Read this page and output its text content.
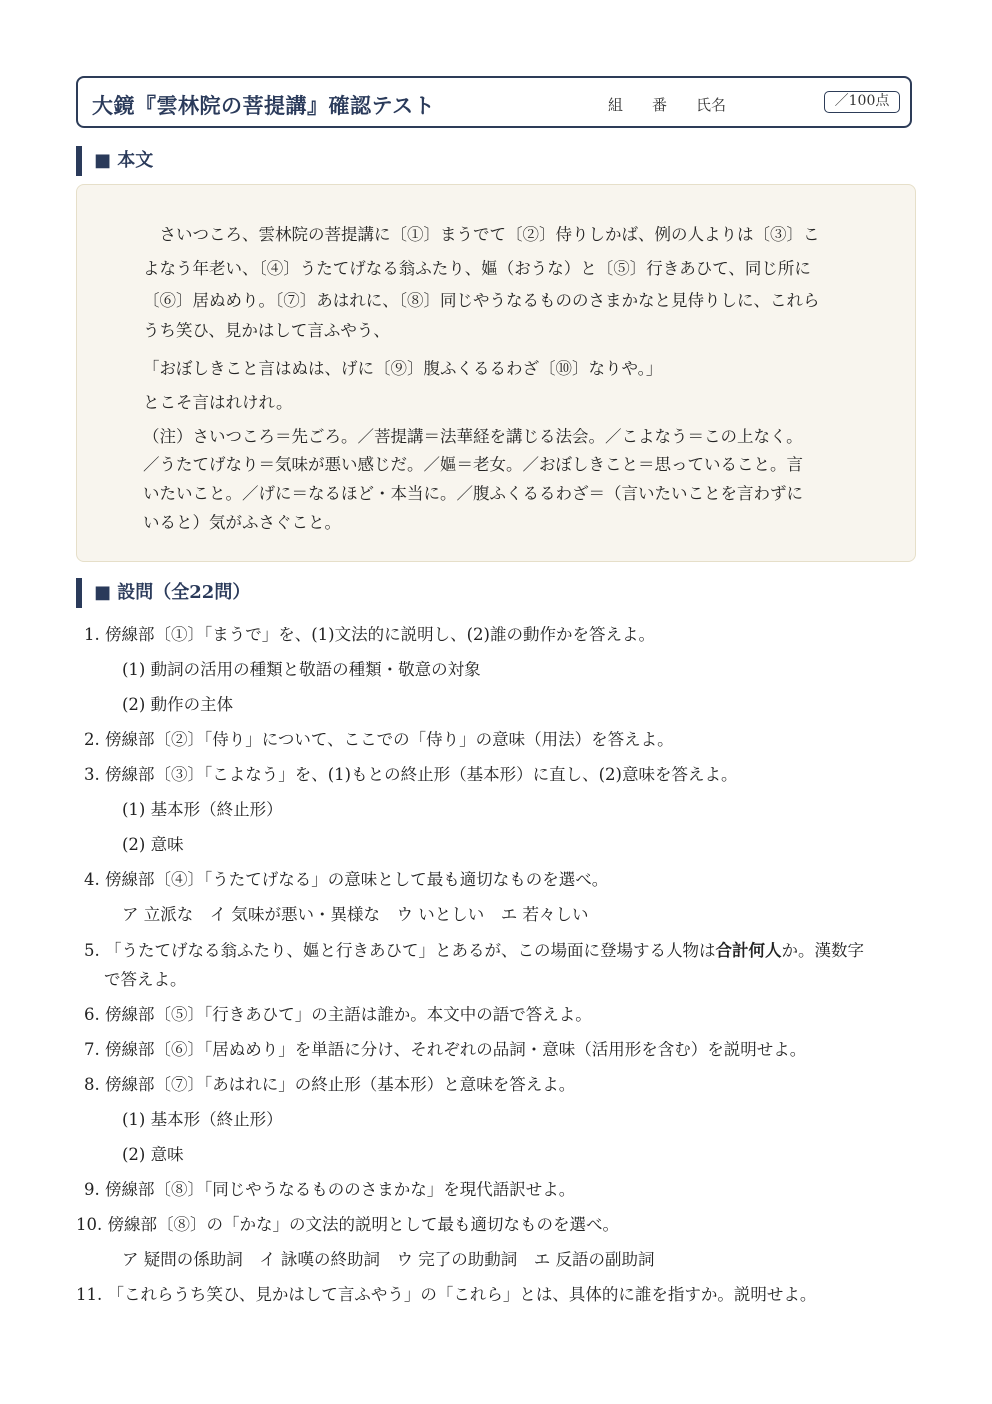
大鏡『雲林院の菩提講』確認テスト	組 番 氏名	／100点
■ 本文
　さいつころ、雲林院の菩提講に〔①〕まうでて〔②〕侍りしかば、例の人よりは〔③〕こ
よなう年老い、〔④〕うたてげなる翁ふたり、嫗（おうな）と〔⑤〕行きあひて、同じ所に
〔⑥〕居ぬめり。〔⑦〕あはれに、〔⑧〕同じやうなるもののさまかなと見侍りしに、これら
うち笑ひ、見かはして言ふやう、
「おぼしきこと言はぬは、げに〔⑨〕腹ふくるるわざ〔⑩〕なりや。」
とこそ言はれけれ。
（注）さいつころ＝先ごろ。／菩提講＝法華経を講じる法会。／こよなう＝この上なく。
／うたてげなり＝気味が悪い感じだ。／嫗＝老女。／おぼしきこと＝思っていること。言
いたいこと。／げに＝なるほど・本当に。／腹ふくるるわざ＝（言いたいことを言わずに
いると）気がふさぐこと。
■ 設問（全22問）
1. 傍線部〔①〕「まうで」を、(1)文法的に説明し、(2)誰の動作かを答えよ。
(1) 動詞の活用の種類と敬語の種類・敬意の対象
(2) 動作の主体
2. 傍線部〔②〕「侍り」について、ここでの「侍り」の意味（用法）を答えよ。
3. 傍線部〔③〕「こよなう」を、(1)もとの終止形（基本形）に直し、(2)意味を答えよ。
(1) 基本形（終止形）
(2) 意味
4. 傍線部〔④〕「うたてげなる」の意味として最も適切なものを選べ。
ア 立派な　イ 気味が悪い・異様な　ウ いとしい　エ 若々しい
5. 「うたてげなる翁ふたり、嫗と行きあひて」とあるが、この場面に登場する人物は合計何人か。漢数字
で答えよ。
6. 傍線部〔⑤〕「行きあひて」の主語は誰か。本文中の語で答えよ。
7. 傍線部〔⑥〕「居ぬめり」を単語に分け、それぞれの品詞・意味（活用形を含む）を説明せよ。
8. 傍線部〔⑦〕「あはれに」の終止形（基本形）と意味を答えよ。
(1) 基本形（終止形）
(2) 意味
9. 傍線部〔⑧〕「同じやうなるもののさまかな」を現代語訳せよ。
10. 傍線部〔⑧〕の「かな」の文法的説明として最も適切なものを選べ。
ア 疑問の係助詞　イ 詠嘆の終助詞　ウ 完了の助動詞　エ 反語の副助詞
11. 「これらうち笑ひ、見かはして言ふやう」の「これら」とは、具体的に誰を指すか。説明せよ。
